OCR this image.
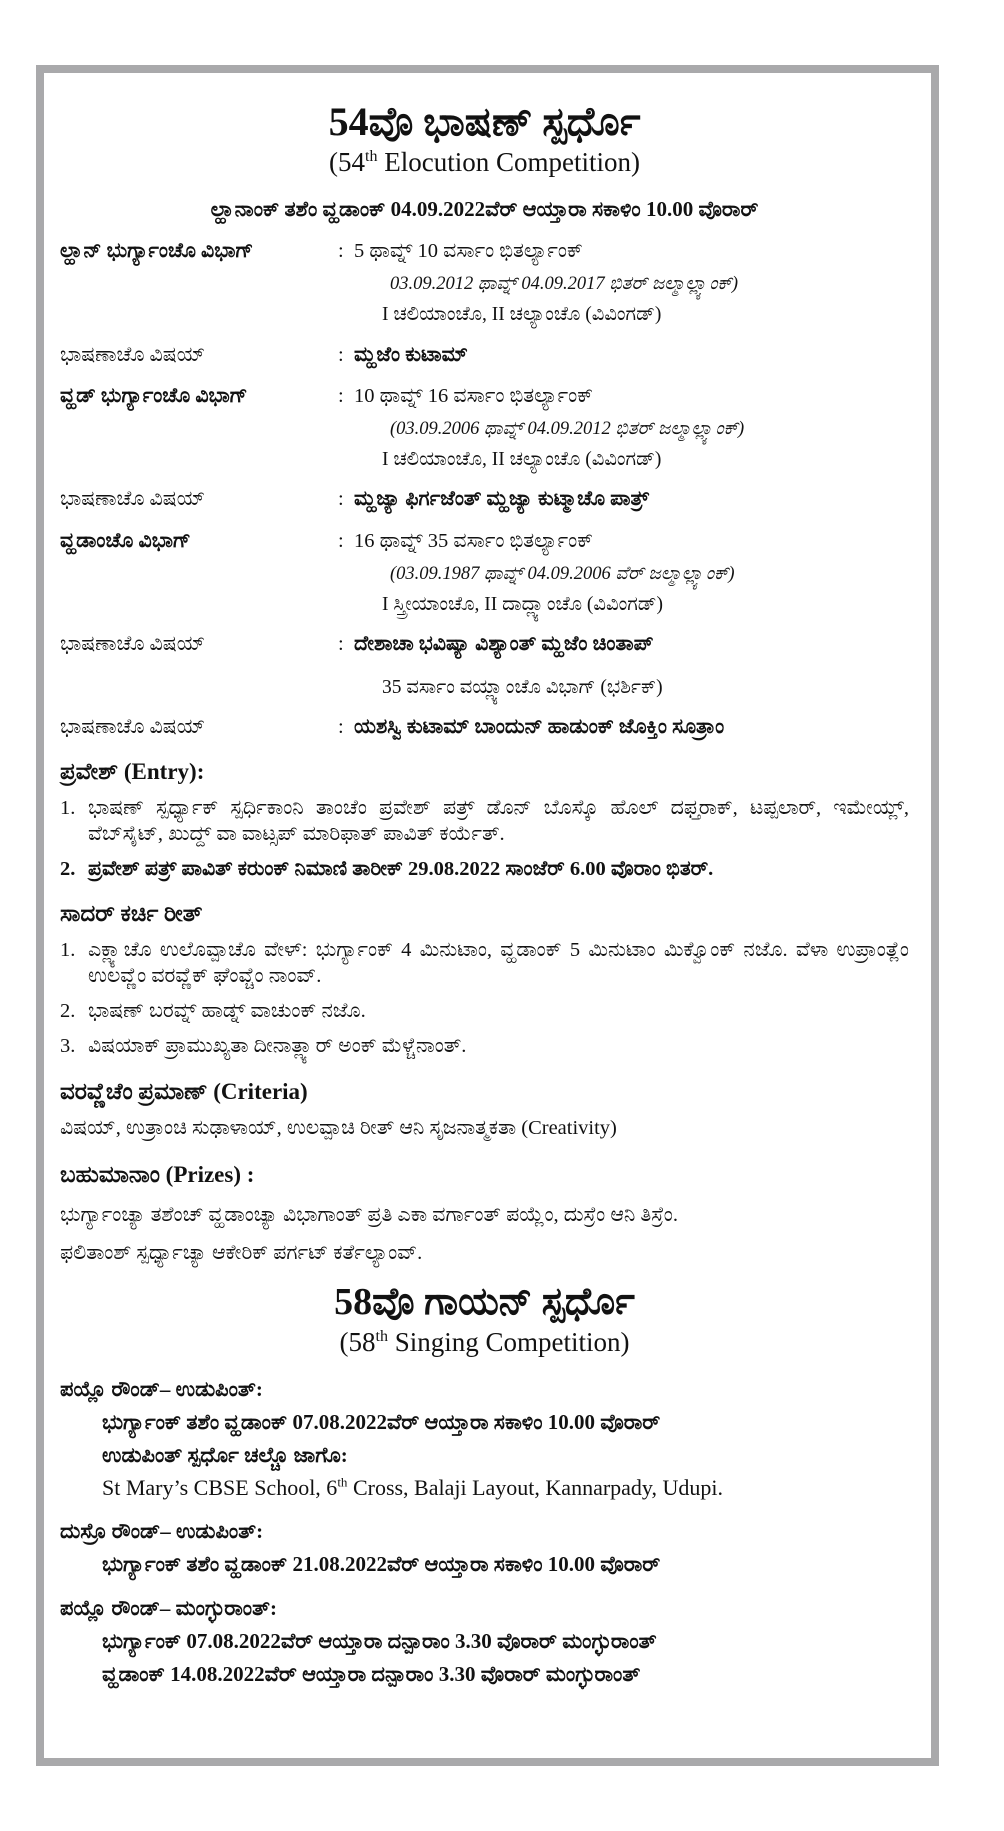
54ವೊ ಭಾಷಣ್ ಸ್ಪರ್ಧೊ
(54th Elocution Competition)
ಲ್ಹಾನಾಂಕ್ ತಶೆಂ ವ್ಹಡಾಂಕ್ 04.09.2022ವೆರ್ ಆಯ್ತಾರಾ ಸಕಾಳಿಂ 10.00 ವೊರಾರ್
ಲ್ಹಾನ್ ಭುರ್ಗ್ಯಾಂಚೊ ವಿಭಾಗ್	: 5 ಥಾವ್ನ್ 10 ವರ್ಸಾಂ ಭಿತರ್ಲ್ಯಾಂಕ್
03.09.2012 ಥಾವ್ನ್ 04.09.2017 ಭಿತರ್ ಜಲ್ಮಾಲ್ಲ್ಯಾಂಕ್)
I ಚಲಿಯಾಂಚೊ, II ಚಲ್ಯಾಂಚೊ (ವಿವಿಂಗಡ್)
ಭಾಷಣಾಚೊ ವಿಷಯ್	: ಮ್ಹಜೆಂ ಕುಟಾಮ್
ವ್ಹಡ್ ಭುರ್ಗ್ಯಾಂಚೊ ವಿಭಾಗ್	: 10 ಥಾವ್ನ್ 16 ವರ್ಸಾಂ ಭಿತರ್ಲ್ಯಾಂಕ್
(03.09.2006 ಥಾವ್ನ್ 04.09.2012 ಭಿತರ್ ಜಲ್ಮಾಲ್ಲ್ಯಾಂಕ್)
I ಚಲಿಯಾಂಚೊ, II ಚಲ್ಯಾಂಚೊ (ವಿವಿಂಗಡ್)
ಭಾಷಣಾಚೊ ವಿಷಯ್	: ಮ್ಹಜ್ಯಾ ಫಿರ್ಗಜೆಂತ್ ಮ್ಹಜ್ಯಾ ಕುಟ್ಮಾಚೊ ಪಾತ್ರ್
ವ್ಹಡಾಂಚೊ ವಿಭಾಗ್	: 16 ಥಾವ್ನ್ 35 ವರ್ಸಾಂ ಭಿತರ್ಲ್ಯಾಂಕ್
(03.09.1987 ಥಾವ್ನ್ 04.09.2006 ವೆರ್ ಜಲ್ಮಾಲ್ಲ್ಯಾಂಕ್)
I ಸ್ತ್ರೀಯಾಂಚೊ, II ದಾದ್ಲ್ಯಾಂಚೊ (ವಿವಿಂಗಡ್)
ಭಾಷಣಾಚೊ ವಿಷಯ್	: ದೇಶಾಚಾ ಭವಿಷ್ಯಾ ವಿಶ್ಯಾಂತ್ ಮ್ಹಜೆಂ ಚಿಂತಾಪ್
35 ವರ್ಸಾಂ ವಯ್ಲ್ಯಾಂಚೊ ವಿಭಾಗ್ (ಭರ್ಶಿಕ್)
ಭಾಷಣಾಚೊ ವಿಷಯ್	: ಯಶಸ್ವಿ ಕುಟಾಮ್ ಬಾಂದುನ್ ಹಾಡುಂಕ್ ಜೊಕ್ತಿಂ ಸೂತ್ರಾಂ
ಪ್ರವೇಶ್ (Entry):
1. ಭಾಷಣ್ ಸ್ಪರ್ಧ್ಯಾಕ್ ಸ್ಪರ್ಧಿಕಾಂನಿ ತಾಂಚೆಂ ಪ್ರವೇಶ್ ಪತ್ರ್ ಡೊನ್ ಬೊಸ್ಕೊ ಹೊಲ್ ದಫ್ತರಾಕ್, ಟಪ್ಪಲಾರ್, ಇಮೇಯ್ಲ್, ವೆಬ್‌ಸೈಟ್, ಖುದ್ದ್ ವಾ ವಾಟ್ಸಪ್ ಮಾರಿಫಾತ್ ಪಾವಿತ್ ಕರ್ಯೆತ್.
2. ಪ್ರವೇಶ್ ಪತ್ರ್ ಪಾವಿತ್ ಕರುಂಕ್ ನಿಮಾಣಿ ತಾರೀಕ್ 29.08.2022 ಸಾಂಜೆರ್ 6.00 ವೊರಾಂ ಭಿತರ್.
ಸಾದರ್ ಕರ್ಚಿ ರೀತ್
1. ಎಕ್ಲ್ಯಾಚೊ ಉಲೊವ್ಪಾಚೊ ವೇಳ್: ಭುರ್ಗ್ಯಾಂಕ್ 4 ಮಿನುಟಾಂ, ವ್ಹಡಾಂಕ್ 5 ಮಿನುಟಾಂ ಮಿಕ್ವೊಂಕ್ ನಜೊ. ವೆಳಾ ಉಪ್ರಾಂತ್ಲೆಂ ಉಲವ್ಣೆಂ ವರವ್ಣೆಕ್ ಘೆಂವ್ಚೆಂ ನಾಂವ್.
2. ಭಾಷಣ್ ಬರವ್ನ್ ಹಾಡ್ನ್ ವಾಚುಂಕ್ ನಜೊ.
3. ವಿಷಯಾಕ್ ಪ್ರಾಮುಖ್ಯತಾ ದೀನಾತ್ಲ್ಯಾರ್ ಅಂಕ್ ಮೆಳ್ಚೆನಾಂತ್.
ವರವ್ಣೆಚೆಂ ಪ್ರಮಾಣ್ (Criteria)
ವಿಷಯ್, ಉತ್ರಾಂಚಿ ಸುಢಾಳಾಯ್, ಉಲವ್ಪಾಚಿ ರೀತ್ ಆನಿ ಸೃಜನಾತ್ಮಕತಾ (Creativity)
ಬಹುಮಾನಾಂ (Prizes) :
ಭುರ್ಗ್ಯಾಂಚ್ಯಾ ತಶೆಂಚ್ ವ್ಹಡಾಂಚ್ಯಾ ವಿಭಾಗಾಂತ್ ಪ್ರತಿ ಎಕಾ ವರ್ಗಾಂತ್ ಪಯ್ಲೆಂ, ದುಸ್ರೆಂ ಆನಿ ತಿಸ್ರೆಂ.
ಫಲಿತಾಂಶ್ ಸ್ಪರ್ಧ್ಯಾಚ್ಯಾ ಆಕೇರಿಕ್ ಪರ್ಗಟ್ ಕರ್ತೆಲ್ಯಾಂವ್.
58ವೊ ಗಾಯನ್ ಸ್ಪರ್ಧೊ
(58th Singing Competition)
ಪಯ್ಲೊ ರೌಂಡ್– ಉಡುಪಿಂತ್:
ಭುರ್ಗ್ಯಾಂಕ್ ತಶೆಂ ವ್ಹಡಾಂಕ್ 07.08.2022ವೆರ್ ಆಯ್ತಾರಾ ಸಕಾಳಿಂ 10.00 ವೊರಾರ್
ಉಡುಪಿಂತ್ ಸ್ಪರ್ಧೊ ಚಲ್ಚೊ ಜಾಗೊ:
St Mary’s CBSE School, 6th Cross, Balaji Layout, Kannarpady, Udupi.
ದುಸ್ರೊ ರೌಂಡ್– ಉಡುಪಿಂತ್:
ಭುರ್ಗ್ಯಾಂಕ್ ತಶೆಂ ವ್ಹಡಾಂಕ್ 21.08.2022ವೆರ್ ಆಯ್ತಾರಾ ಸಕಾಳಿಂ 10.00 ವೊರಾರ್
ಪಯ್ಲೊ ರೌಂಡ್– ಮಂಗ್ಳುರಾಂತ್:
ಭುರ್ಗ್ಯಾಂಕ್ 07.08.2022ವೆರ್ ಆಯ್ತಾರಾ ದನ್ಪಾರಾಂ 3.30 ವೊರಾರ್ ಮಂಗ್ಳುರಾಂತ್
ವ್ಹಡಾಂಕ್ 14.08.2022ವೆರ್ ಆಯ್ತಾರಾ ದನ್ಪಾರಾಂ 3.30 ವೊರಾರ್ ಮಂಗ್ಳುರಾಂತ್
